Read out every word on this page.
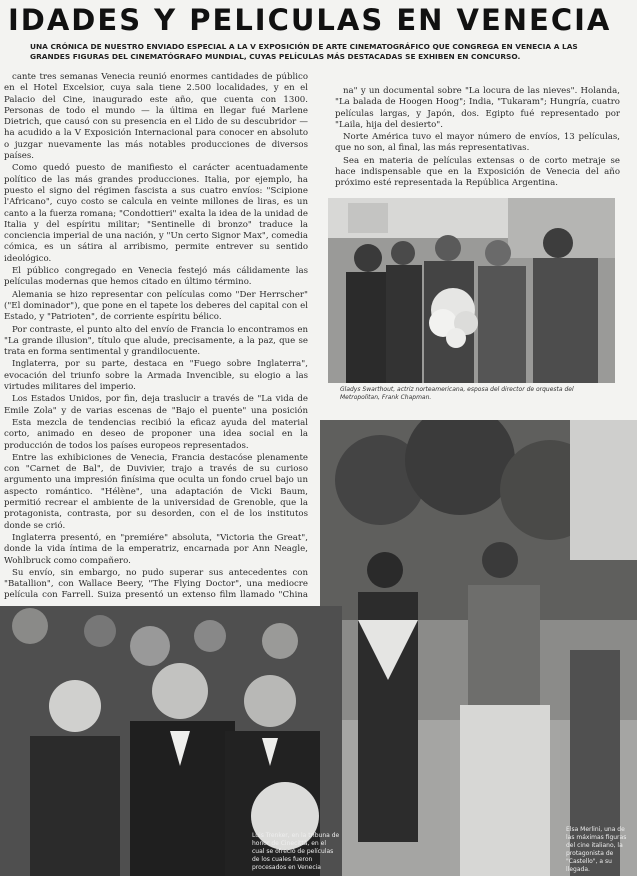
IDADES Y PELICULAS EN VENECIA
UNA CRÓNICA DE NUESTRO ENVIADO ESPECIAL A LA V EXPOSICIÓN DE ARTE CINEMATOGRÁFICO QUE CONGREGA EN VENECIA A LAS GRANDES FIGURAS DEL CINEMATÓGRAFO MUNDIAL, CUYAS PELÍCULAS MÁS DESTACADAS SE EXHIBEN EN CONCURSO.

cante tres semanas Venecia reunió enormes cantidades de público en el Hotel Excelsior, cuya sala tiene 2.500 localidades, y en el Palacio del Cine, inaugurado este año, que cuenta con 1300. Personas de todo el mundo — la última en llegar fué Marlene Dietrich, que causó con su presencia en el Lido de su descubridor — ha acudido a la V Exposición Internacional para conocer en absoluto o juzgar nuevamente las más notables producciones de diversos países.

Como quedó puesto de manifiesto el carácter acentuadamente político de las más grandes producciones. Italia, por ejemplo, ha puesto el signo del régimen fascista a sus cuatro envíos: "Scipione l'Africano", cuyo costo se calcula en veinte millones de liras, es un canto a la fuerza romana; "Condottieri" exalta la idea de la unidad de Italia y del espíritu militar; "Sentinelle di bronzo" traduce la conciencia imperial de una nación, y "Un certo Signor Max", comedia cómica, es un sátira al arribismo, permite entrever su sentido ideológico.

El público congregado en Venecia festejó más cálidamente las películas modernas que hemos citado en último término.

Alemania se hizo representar con películas como "Der Herrscher" ("El dominador"), que pone en el tapete los deberes del capital con el Estado, y "Patrioten", de corriente espíritu bélico.

Por contraste, el punto alto del envío de Francia lo encontramos en "La grande illusion", título que alude, precisamente, a la paz, que se trata en forma sentimental y grandilocuente.

Inglaterra, por su parte, destaca en "Fuego sobre Inglaterra", evocación del triunfo sobre la Armada Invencible, su elogio a las virtudes militares del imperio.

Los Estados Unidos, por fin, deja traslucir a través de "La vida de Emile Zola" y de varias escenas de "Bajo el puente" una posición

Esta mezcla de tendencias recibió la eficaz ayuda del material corto, animado en deseo de proponer una idea social en la producción de todos los países europeos representados.

Entre las exhibiciones de Venecia, Francia destacóse plenamente con "Carnet de Bal", de Duvivier, trajo a través de su curioso argumento una impresión finísima que oculta un fondo cruel bajo un aspecto romántico. "Hélène", una adaptación de Vicki Baum, permitió recrear el ambiente de la universidad de Grenoble, que la protagonista, contrasta, por su desorden, con el de los institutos donde se crió.

Inglaterra presentó, en "premiére" absoluta, "Victoria the Great", donde la vida íntima de la emperatriz, encarnada por Ann Neagle, Wohlbruck como compañero.

Su envío, sin embargo, no pudo superar sus antecedentes con "Batallion", con Wallace Beery, "The Flying Doctor", una mediocre película con Farrell. Suiza presentó un extenso film llamado "China

na" y un documental sobre "La locura de las nieves". Holanda, "La balada de Hoogen Hoog"; India, "Tukaram"; Hungría, cuatro películas largas, y Japón, dos. Egipto fué representado por "Laila, hija del desierto".

Norte América tuvo el mayor número de envíos, 13 películas, que no son, al final, las más representativas.

Sea en materia de películas extensas o de corto metraje se hace indispensable que en la Exposición de Venecia del año próximo esté representada la República Argentina.

Gladys Swarthout, actriz norteamericana, esposa del director de orquesta del Metropolitan, Frank Chapman.
Elsa Merlini, una de las máximas figuras del cine italiano, la protagonista de "Castello", a su llegada.
Luis Trenker, en la tribuna de honor de Cinecittà, en el cual se ofreció de películas de los cuales fueron procesados en Venecia
